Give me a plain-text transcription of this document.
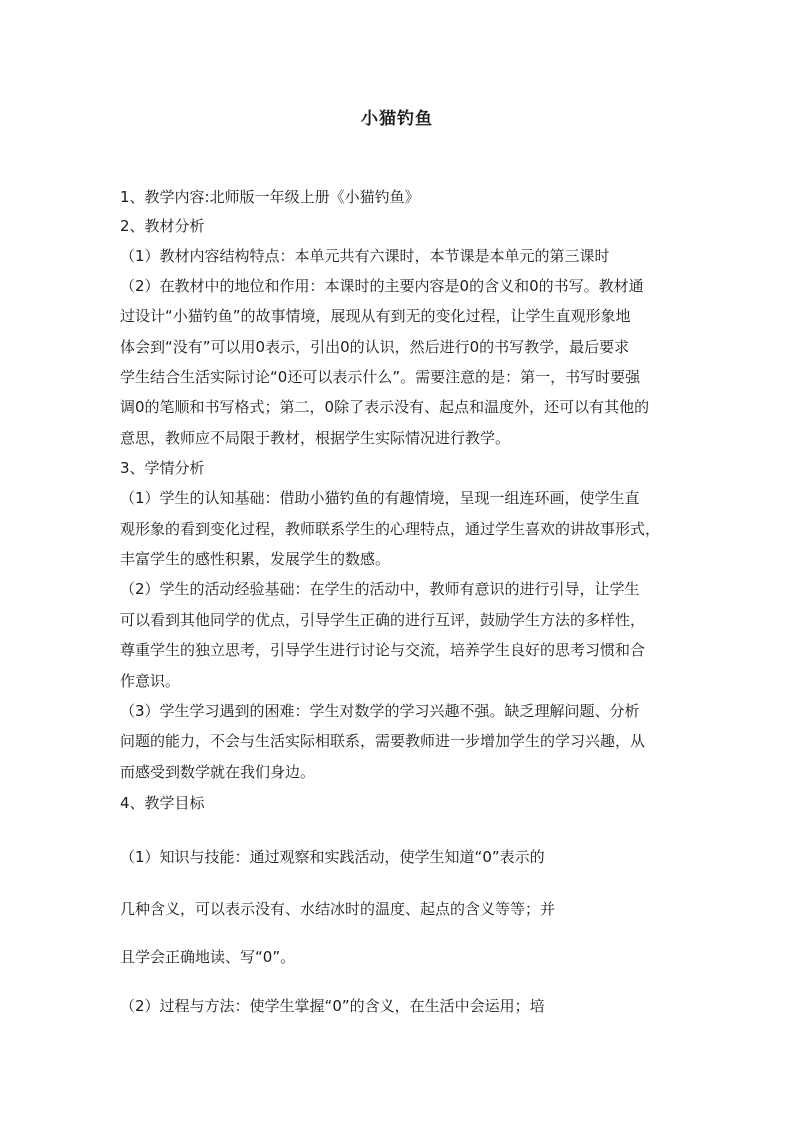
小猫钓鱼
1、教学内容:北师版一年级上册《小猫钓鱼》
2、教材分析
（1）教材内容结构特点：本单元共有六课时，本节课是本单元的第三课时
（2）在教材中的地位和作用：本课时的主要内容是0的含义和0的书写。教材通
过设计“小猫钓鱼”的故事情境，展现从有到无的变化过程，让学生直观形象地
体会到“没有”可以用0表示，引出0的认识，然后进行0的书写教学，最后要求
学生结合生活实际讨论“0还可以表示什么”。需要注意的是：第一，书写时要强
调0的笔顺和书写格式；第二，0除了表示没有、起点和温度外，还可以有其他的
意思，教师应不局限于教材，根据学生实际情况进行教学。
3、学情分析
（1）学生的认知基础：借助小猫钓鱼的有趣情境，呈现一组连环画，使学生直
观形象的看到变化过程，教师联系学生的心理特点，通过学生喜欢的讲故事形式，
丰富学生的感性积累，发展学生的数感。
（2）学生的活动经验基础：在学生的活动中，教师有意识的进行引导，让学生
可以看到其他同学的优点，引导学生正确的进行互评，鼓励学生方法的多样性，
尊重学生的独立思考，引导学生进行讨论与交流，培养学生良好的思考习惯和合
作意识。
（3）学生学习遇到的困难：学生对数学的学习兴趣不强。缺乏理解问题、分析
问题的能力，不会与生活实际相联系，需要教师进一步增加学生的学习兴趣，从
而感受到数学就在我们身边。
4、教学目标
（1）知识与技能：通过观察和实践活动，使学生知道“0”表示的
几种含义，可以表示没有、水结冰时的温度、起点的含义等等；并
且学会正确地读、写“0”。
（2）过程与方法：使学生掌握“0”的含义，在生活中会运用；培
